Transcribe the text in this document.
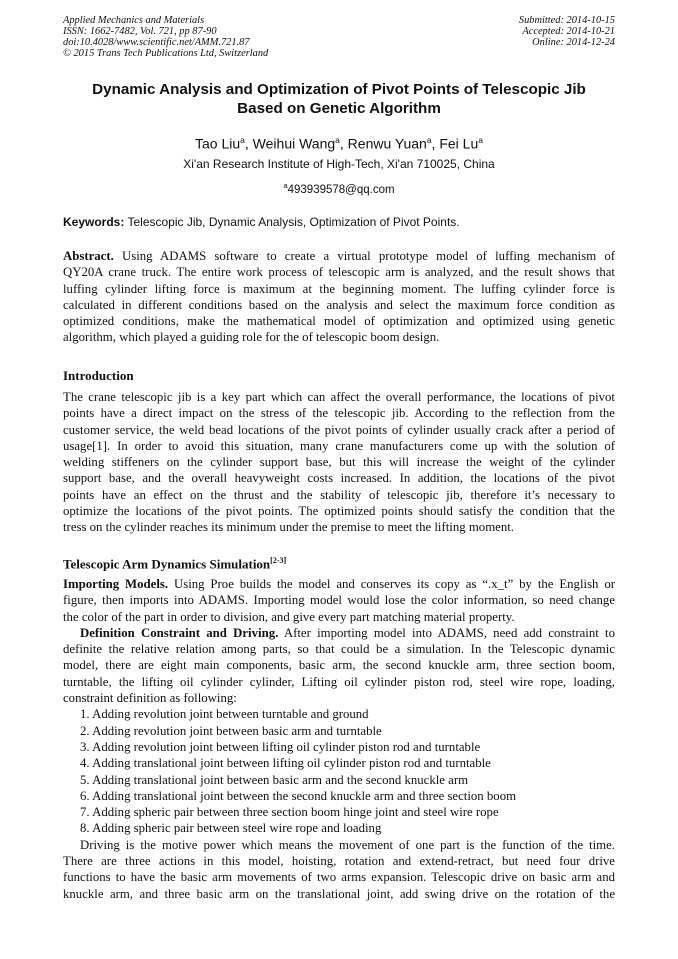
Applied Mechanics and Materials
ISSN: 1662-7482, Vol. 721, pp 87-90
doi:10.4028/www.scientific.net/AMM.721.87
© 2015 Trans Tech Publications Ltd, Switzerland
Submitted: 2014-10-15
Accepted: 2014-10-21
Online: 2014-12-24
Dynamic Analysis and Optimization of Pivot Points of Telescopic Jib
Based on Genetic Algorithm
Tao Liu$^a$, Weihui Wang$^a$, Renwu Yuan$^a$, Fei Lu$^a$
Xi'an Research Institute of High-Tech, Xi'an 710025, China
$^a$493939578@qq.com
Keywords: Telescopic Jib, Dynamic Analysis, Optimization of Pivot Points.
Abstract. Using ADAMS software to create a virtual prototype model of luffing mechanism of
QY20A crane truck. The entire work process of telescopic arm is analyzed, and the result shows that
luffing cylinder lifting force is maximum at the beginning moment. The luffing cylinder force is
calculated in different conditions based on the analysis and select the maximum force condition as
optimized conditions, make the mathematical model of optimization and optimized using genetic
algorithm, which played a guiding role for the of telescopic boom design.
Introduction
The crane telescopic jib is a key part which can affect the overall performance, the locations of pivot
points have a direct impact on the stress of the telescopic jib. According to the reflection from the
customer service, the weld bead locations of the pivot points of cylinder usually crack after a period of
usage[1]. In order to avoid this situation, many crane manufacturers come up with the solution of
welding stiffeners on the cylinder support base, but this will increase the weight of the cylinder
support base, and the overall heavyweight costs increased. In addition, the locations of the pivot
points have an effect on the thrust and the stability of telescopic jib, therefore it’s necessary to
optimize the locations of the pivot points. The optimized points should satisfy the condition that the
tress on the cylinder reaches its minimum under the premise to meet the lifting moment.
Telescopic Arm Dynamics Simulation[2-3]
Importing Models. Using Proe builds the model and conserves its copy as “.x_t” by the English or
figure, then imports into ADAMS. Importing model would lose the color information, so need change
the color of the part in order to division, and give every part matching material property.
Definition Constraint and Driving. After importing model into ADAMS, need add constraint to
definite the relative relation among parts, so that could be a simulation. In the Telescopic dynamic
model, there are eight main components, basic arm, the second knuckle arm, three section boom,
turntable, the lifting oil cylinder cylinder, Lifting oil cylinder piston rod, steel wire rope, loading,
constraint definition as following:
1. Adding revolution joint between turntable and ground
2. Adding revolution joint between basic arm and turntable
3. Adding revolution joint between lifting oil cylinder piston rod and turntable
4. Adding translational joint between lifting oil cylinder piston rod and turntable
5. Adding translational joint between basic arm and the second knuckle arm
6. Adding translational joint between the second knuckle arm and three section boom
7. Adding spheric pair between three section boom hinge joint and steel wire rope
8. Adding spheric pair between steel wire rope and loading
Driving is the motive power which means the movement of one part is the function of the time.
There are three actions in this model, hoisting, rotation and extend-retract, but need four drive
functions to have the basic arm movements of two arms expansion. Telescopic drive on basic arm and
knuckle arm, and three basic arm on the translational joint, add swing drive on the rotation of the
